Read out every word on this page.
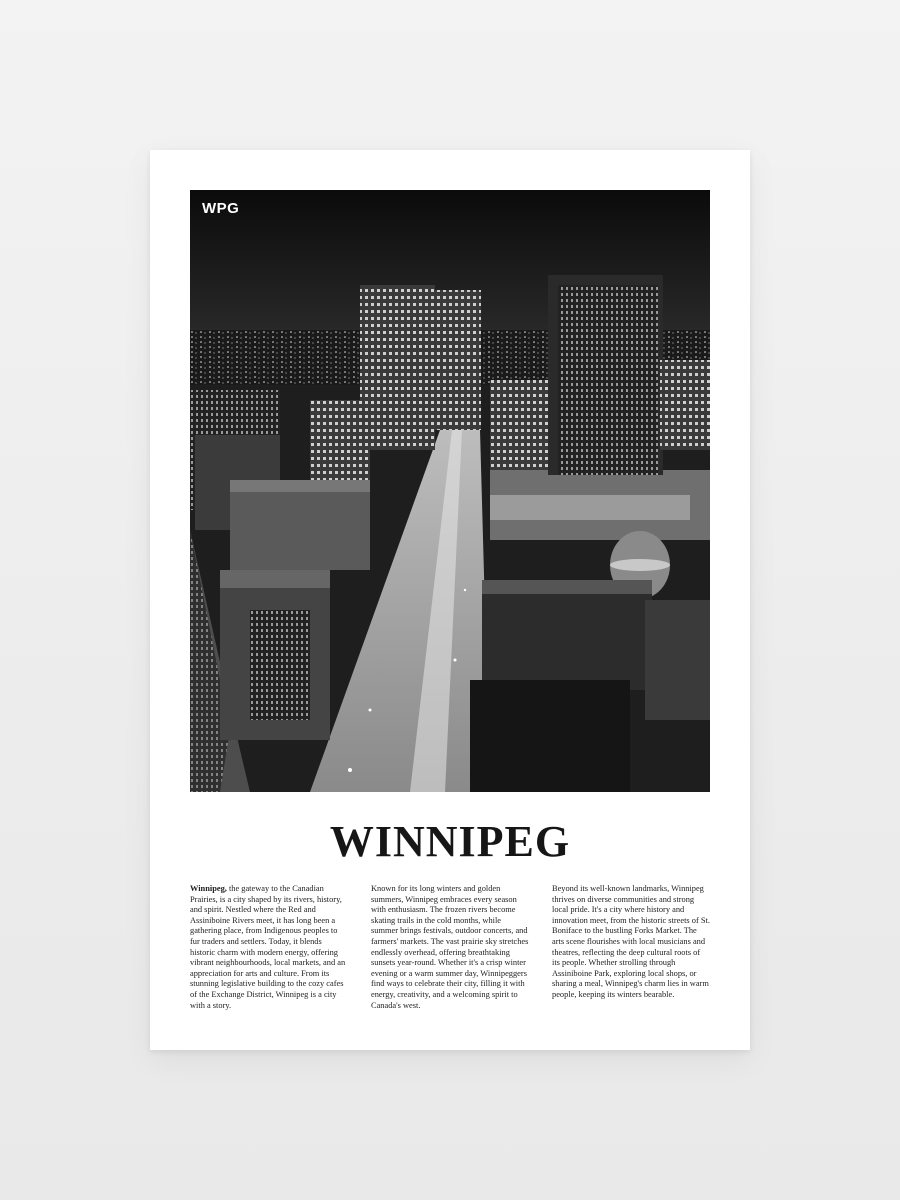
WPG
WINNIPEG
Winnipeg, the gateway to the Canadian Prairies, is a city shaped by its rivers, history, and spirit. Nestled where the Red and Assiniboine Rivers meet, it has long been a gathering place, from Indigenous peoples to fur traders and settlers. Today, it blends historic charm with modern energy, offering vibrant neighbourhoods, local markets, and an appreciation for arts and culture. From its stunning legislative building to the cozy cafes of the Exchange District, Winnipeg is a city with a story.
Known for its long winters and golden summers, Winnipeg embraces every season with enthusiasm. The frozen rivers become skating trails in the cold months, while summer brings festivals, outdoor concerts, and farmers' markets. The vast prairie sky stretches endlessly overhead, offering breathtaking sunsets year-round. Whether it's a crisp winter evening or a warm summer day, Winnipeggers find ways to celebrate their city, filling it with energy, creativity, and a welcoming spirit to Canada's west.
Beyond its well-known landmarks, Winnipeg thrives on diverse communities and strong local pride. It's a city where history and innovation meet, from the historic streets of St. Boniface to the bustling Forks Market. The arts scene flourishes with local musicians and theatres, reflecting the deep cultural roots of its people. Whether strolling through Assiniboine Park, exploring local shops, or sharing a meal, Winnipeg's charm lies in warm people, keeping its winters bearable.
